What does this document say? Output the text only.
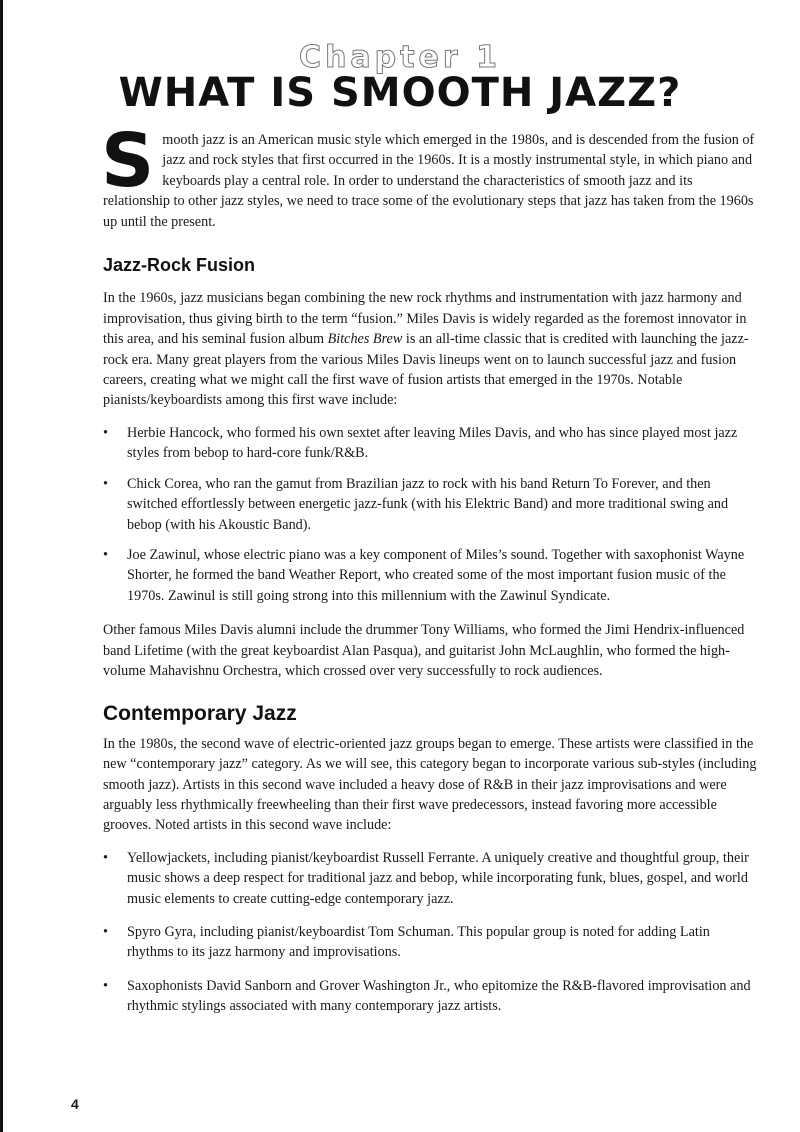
Chapter 1
WHAT IS SMOOTH JAZZ?

Smooth jazz is an American music style which emerged in the 1980s, and is descended from the fusion of jazz and rock styles that first occurred in the 1960s. It is a mostly instrumental style, in which piano and keyboards play a central role. In order to understand the characteristics of smooth jazz and its relationship to other jazz styles, we need to trace some of the evolutionary steps that jazz has taken from the 1960s up until the present.

Jazz-Rock Fusion

In the 1960s, jazz musicians began combining the new rock rhythms and instrumentation with jazz harmony and improvisation, thus giving birth to the term “fusion.” Miles Davis is widely regarded as the foremost innovator in this area, and his seminal fusion album Bitches Brew is an all-time classic that is credited with launching the jazz-rock era. Many great players from the various Miles Davis lineups went on to launch successful jazz and fusion careers, creating what we might call the first wave of fusion artists that emerged in the 1970s. Notable pianists/keyboardists among this first wave include:

• Herbie Hancock, who formed his own sextet after leaving Miles Davis, and who has since played most jazz styles from bebop to hard-core funk/R&B.
• Chick Corea, who ran the gamut from Brazilian jazz to rock with his band Return To Forever, and then switched effortlessly between energetic jazz-funk (with his Elektric Band) and more traditional swing and bebop (with his Akoustic Band).
• Joe Zawinul, whose electric piano was a key component of Miles’s sound. Together with saxophonist Wayne Shorter, he formed the band Weather Report, who created some of the most important fusion music of the 1970s. Zawinul is still going strong into this millennium with the Zawinul Syndicate.

Other famous Miles Davis alumni include the drummer Tony Williams, who formed the Jimi Hendrix-influenced band Lifetime (with the great keyboardist Alan Pasqua), and guitarist John McLaughlin, who formed the high-volume Mahavishnu Orchestra, which crossed over very successfully to rock audiences.

Contemporary Jazz

In the 1980s, the second wave of electric-oriented jazz groups began to emerge. These artists were classified in the new “contemporary jazz” category. As we will see, this category began to incorporate various sub-styles (including smooth jazz). Artists in this second wave included a heavy dose of R&B in their jazz improvisations and were arguably less rhythmically freewheeling than their first wave predecessors, instead favoring more accessible grooves. Noted artists in this second wave include:

• Yellowjackets, including pianist/keyboardist Russell Ferrante. A uniquely creative and thoughtful group, their music shows a deep respect for traditional jazz and bebop, while incorporating funk, blues, gospel, and world music elements to create cutting-edge contemporary jazz.
• Spyro Gyra, including pianist/keyboardist Tom Schuman. This popular group is noted for adding Latin rhythms to its jazz harmony and improvisations.
• Saxophonists David Sanborn and Grover Washington Jr., who epitomize the R&B-flavored improvisation and rhythmic stylings associated with many contemporary jazz artists.
4
